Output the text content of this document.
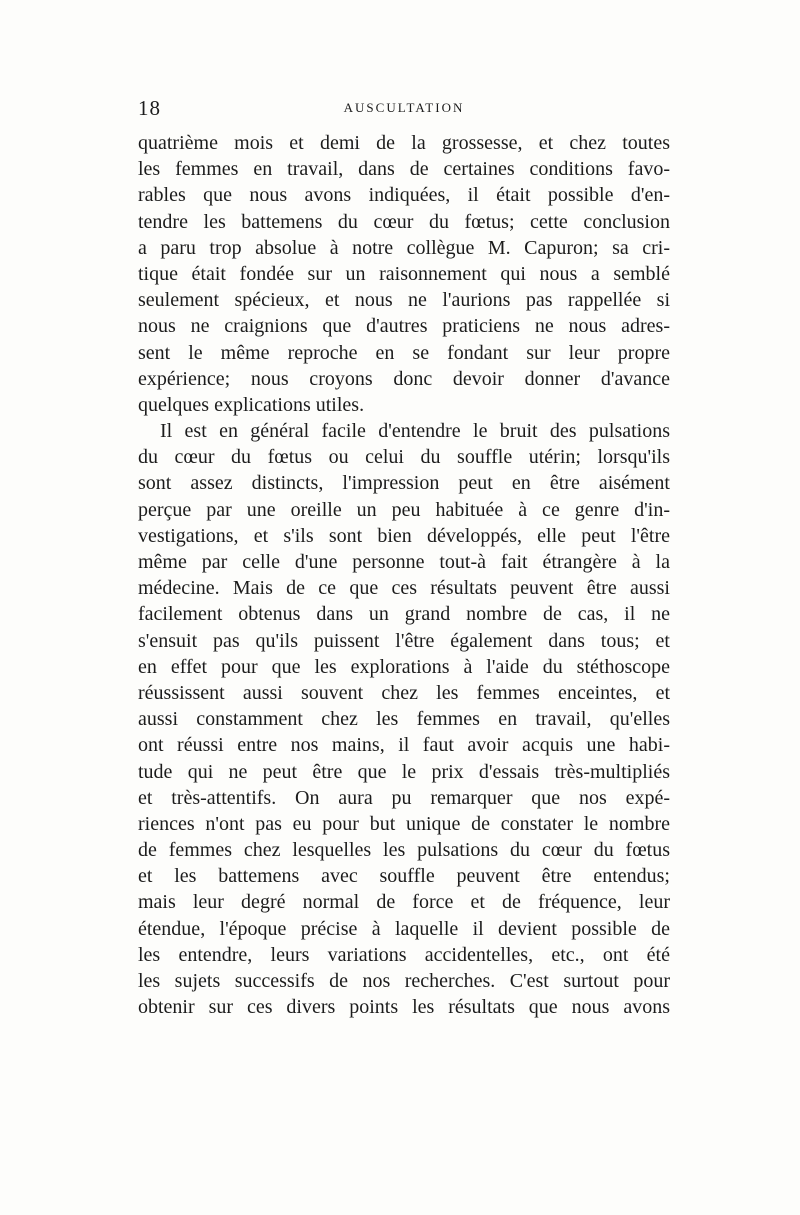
18	AUSCULTATION
quatrième mois et demi de la grossesse, et chez toutes
les femmes en travail, dans de certaines conditions favo-
rables que nous avons indiquées, il était possible d'en-
tendre les battemens du cœur du fœtus; cette conclusion
a paru trop absolue à notre collègue M. Capuron; sa cri-
tique était fondée sur un raisonnement qui nous a semblé
seulement spécieux, et nous ne l'aurions pas rappellée si
nous ne craignions que d'autres praticiens ne nous adres-
sent le même reproche en se fondant sur leur propre
expérience; nous croyons donc devoir donner d'avance
quelques explications utiles.
Il est en général facile d'entendre le bruit des pulsations
du cœur du fœtus ou celui du souffle utérin; lorsqu'ils
sont assez distincts, l'impression peut en être aisément
perçue par une oreille un peu habituée à ce genre d'in-
vestigations, et s'ils sont bien développés, elle peut l'être
même par celle d'une personne tout-à fait étrangère à la
médecine. Mais de ce que ces résultats peuvent être aussi
facilement obtenus dans un grand nombre de cas, il ne
s'ensuit pas qu'ils puissent l'être également dans tous; et
en effet pour que les explorations à l'aide du stéthoscope
réussissent aussi souvent chez les femmes enceintes, et
aussi constamment chez les femmes en travail, qu'elles
ont réussi entre nos mains, il faut avoir acquis une habi-
tude qui ne peut être que le prix d'essais très-multipliés
et très-attentifs. On aura pu remarquer que nos expé-
riences n'ont pas eu pour but unique de constater le nombre
de femmes chez lesquelles les pulsations du cœur du fœtus
et les battemens avec souffle peuvent être entendus;
mais leur degré normal de force et de fréquence, leur
étendue, l'époque précise à laquelle il devient possible de
les entendre, leurs variations accidentelles, etc., ont été
les sujets successifs de nos recherches. C'est surtout pour
obtenir sur ces divers points les résultats que nous avons
